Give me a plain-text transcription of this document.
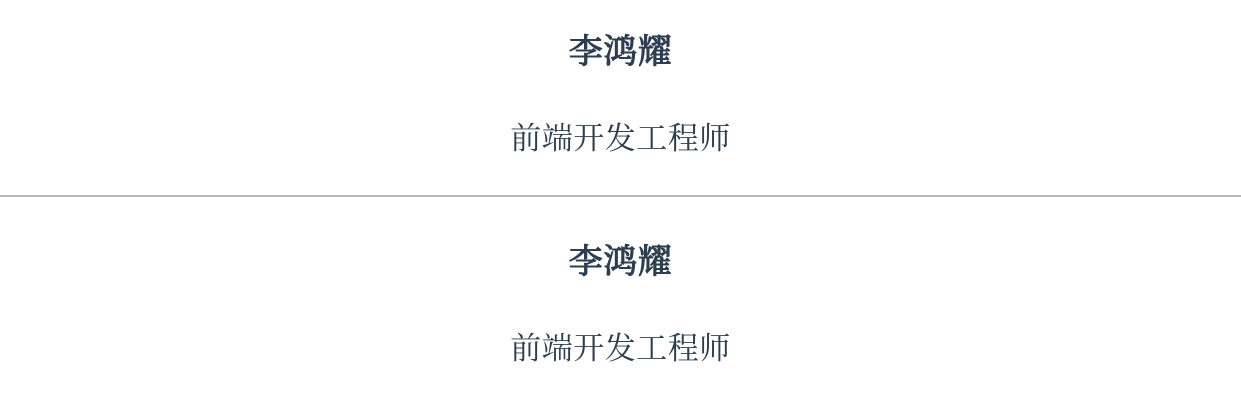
李鸿耀
前端开发工程师
李鸿耀
前端开发工程师
